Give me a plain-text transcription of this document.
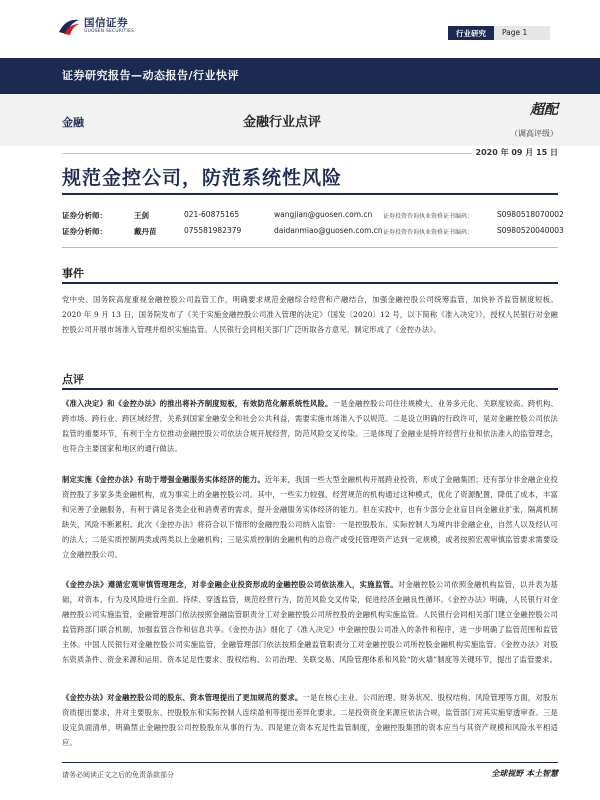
国信证券
GUOSEN SECURITIES	行业研究	Page 1
证券研究报告—动态报告/行业快评
金融	金融行业点评
超配
（调高评级）
2020 年 09 月 15 日
规范金控公司，防范系统性风险
证券分析师：	王剑	021-60875165	wangjian@guosen.com.cn 证券投资咨询执业资格证书编码：	S0980518070002
证券分析师：	戴丹苗	075581982379	daidanmiao@guosen.com.cn 证券投资咨询执业资格证书编码：	S0980520040003
事件
党中央、国务院高度重视金融控股公司监管工作，明确要求规范金融综合经营和产融结合，加强金融控股公司统筹监管，加快补齐监管制度短板。2020 年 9 月 13 日，国务院发布了《关于实施金融控股公司准入管理的决定》（国发〔2020〕12 号，以下简称《准入决定》），授权人民银行对金融控股公司开展市场准入管理并组织实施监管。人民银行会同相关部门广泛听取各方意见，制定形成了《金控办法》。
点评
《准入决定》和《金控办法》的推出将补齐制度短板，有效防范化解系统性风险。一是金融控股公司往往规模大、业务多元化、关联度较高、跨机构、跨市场、跨行业、跨区域经营，关系到国家金融安全和社会公共利益，需要实施市场准入予以规范。二是设立明确的行政许可，是对金融控股公司依法监管的重要环节，有利于全方位推动金融控股公司依法合规开展经营，防范风险交叉传染。三是体现了金融业是特许经营行业和依法准入的监管理念，也符合主要国家和地区的通行做法。
制定实施《金控办法》有助于增强金融服务实体经济的能力。近年来，我国一些大型金融机构开展跨业投资，形成了金融集团；还有部分非金融企业投资控股了多家多类金融机构，成为事实上的金融控股公司。其中，一些实力较强、经营规范的机构通过这种模式，优化了资源配置，降低了成本，丰富和完善了金融服务，有利于满足各类企业和消费者的需求，提升金融服务实体经济的能力。但在实践中，也有少部分企业盲目向金融业扩张，隔离机制缺失，风险不断累积。此次《金控办法》将符合以下情形的金融控股公司纳入监管：一是控股股东、实际控制人为境内非金融企业，自然人以及经认可的法人；二是实质控制两类或两类以上金融机构；三是实质控制的金融机构的总资产或受托管理资产达到一定规模，或者按照宏观审慎监管要求需要设立金融控股公司。
《金控办法》遵循宏观审慎管理理念，对非金融企业投资形成的金融控股公司依法准入，实施监管。对金融控股公司依照金融机构监管，以并表为基础，对资本、行为及风险进行全面、持续、穿透监管，规范经营行为，防范风险交叉传染，促进经济金融良性循环。《金控办法》明确，人民银行对金融控股公司实施监管，金融管理部门依法按照金融监管职责分工对金融控股公司所控股的金融机构实施监管。人民银行会同相关部门建立金融控股公司监管跨部门联合机制，加强监管合作和信息共享。《金控办法》细化了《准入决定》中金融控股公司准入的条件和程序，进一步明确了监管范围和监管主体。中国人民银行对金融控股公司实施监管，金融管理部门依法按照金融监管职责分工对金融控股公司所控股金融机构实施监管。《金控办法》对股东资质条件、资金来源和运用、资本足足性要求、股权结构、公司治理、关联交易、风险管理体系和风险“防火墙”制度等关键环节，提出了监管要求。
《金控办法》对金融控股公司的股东、资本管理提出了更加规范的要求。一是在核心主业、公司治理、财务状况、股权结构、风险管理等方面，对股东资质提出要求，并对主要股东、控股股东和实际控制人连续盈利等提出差异化要求。二是投资资金来源应依法合规，监管部门对其实施穿透审查。三是设定负面清单，明确禁止金融控股公司控股股东从事的行为。四是建立资本充足性监管制度，金融控股集团的资本应当与其资产规模和风险水平相适应。
请务必阅读正文之后的免责条款部分	全球视野 本土智慧
